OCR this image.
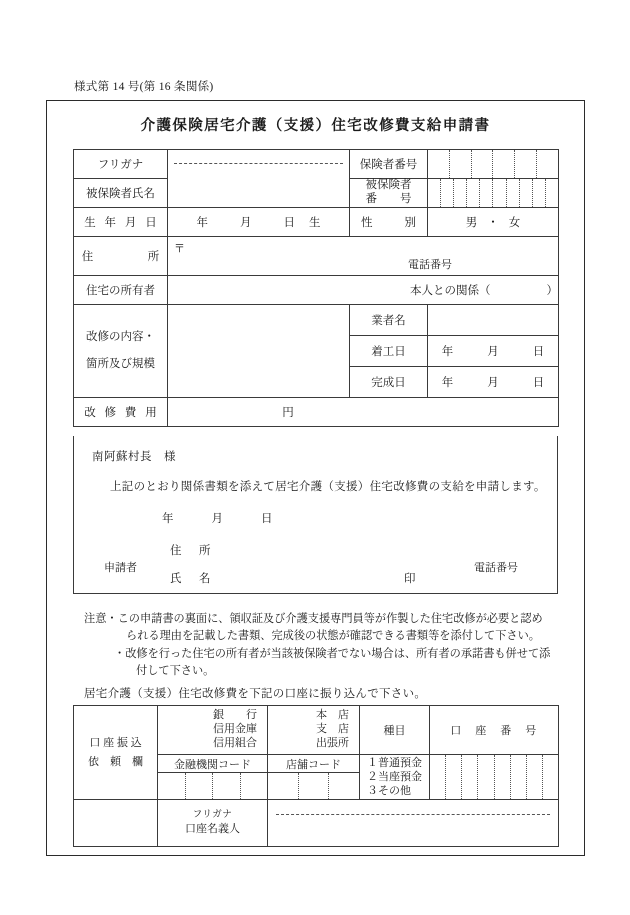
様式第 14 号(第 16 条関係)
介護保険居宅介護（支援）住宅改修費支給申請書
フリガナ		保険者番号	

被保険者氏名		被保険者
番　　号	

生 年 月 日	年 月 日 生	性　　別	男 ・ 女
住　　　所	〒
電話番号		

住宅の所有者	本人との関係（ ）		

改修の内容・
箇所及び規模		業者名	
		着工日	年 月 日
		完成日	年 月 日
改 修 費 用	円		
南阿蘇村長　様
上記のとおり関係書類を添えて居宅介護（支援）住宅改修費の支給を申請します。
年	月	日
申請者
住　所
氏　名	印
電話番号
注意 ・ この申請書の裏面に、領収証及び介護支援専門員等が作製した住宅改修が必要と認め
られる理由を記載した書類、完成後の状態が確認できる書類等を添付して下さい。
・ 改修を行った住宅の所有者が当該被保険者でない場合は、所有者の承諾書も併せて添
付して下さい。
居宅介護（支援）住宅改修費を下記の口座に振り込んで下さい。
口 座 振 込
依　頼　欄	銀　　行
信用金庫
信用組合	本　店
支　店
出張所	種目	口　座　番　号
	金融機関コード	店舗コード	１普通預金
２当座預金
３その他	

	フリガナ
口座名義人			
